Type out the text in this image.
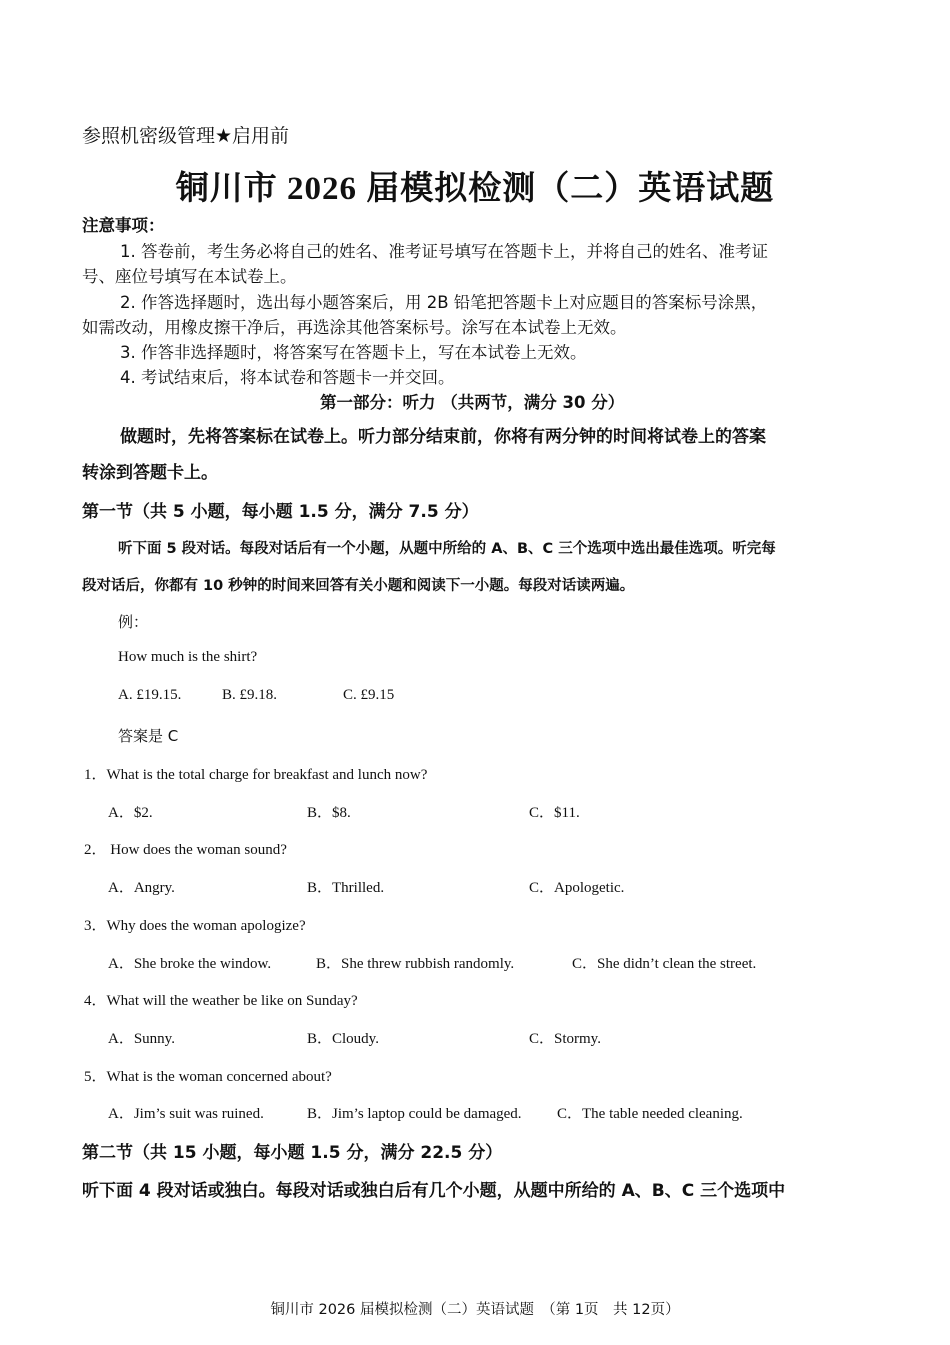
参照机密级管理★启用前
铜川市 2026 届模拟检测（二）英语试题
注意事项：
1. 答卷前，考生务必将自己的姓名、准考证号填写在答题卡上，并将自己的姓名、准考证
号、座位号填写在本试卷上。
2. 作答选择题时，选出每小题答案后，用 2B 铅笔把答题卡上对应题目的答案标号涂黑，
如需改动，用橡皮擦干净后，再选涂其他答案标号。涂写在本试卷上无效。
3. 作答非选择题时，将答案写在答题卡上，写在本试卷上无效。
4. 考试结束后，将本试卷和答题卡一并交回。
第一部分：听力 （共两节，满分 30 分）
做题时，先将答案标在试卷上。听力部分结束前，你将有两分钟的时间将试卷上的答案
转涂到答题卡上。
第一节（共 5 小题，每小题 1.5 分，满分 7.5 分）
听下面 5 段对话。每段对话后有一个小题，从题中所给的 A、B、C 三个选项中选出最佳选项。听完每
段对话后，你都有 10 秒钟的时间来回答有关小题和阅读下一小题。每段对话读两遍。
例：
How much is the shirt?
A. £19.15.	B. £9.18.	C. £9.15
答案是 C
1．What is the total charge for breakfast and lunch now?
A．$2.	B．$8.	C．$11.
2． How does the woman sound?
A．Angry.	B．Thrilled.	C．Apologetic.
3．Why does the woman apologize?
A．She broke the window.	B．She threw rubbish randomly.	C．She didn’t clean the street.
4．What will the weather be like on Sunday?
A．Sunny.	B．Cloudy.	C．Stormy.
5．What is the woman concerned about?
A．Jim’s suit was ruined.	B．Jim’s laptop could be damaged. C．The table needed cleaning.
第二节（共 15 小题，每小题 1.5 分，满分 22.5 分）
听下面 4 段对话或独白。每段对话或独白后有几个小题，从题中所给的 A、B、C 三个选项中
铜川市 2026 届模拟检测（二）英语试题　（第 1页　共 12页）
